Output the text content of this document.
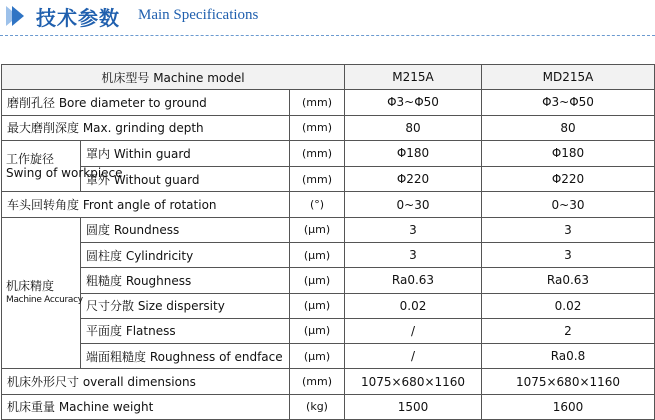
技术参数 Main Specifications
机床型号 Machine model			M215A	MD215A
磨削孔径 Bore diameter to ground		(mm)	Φ3~Φ50	Φ3~Φ50
最大磨削深度 Max. grinding depth		(mm)	80	80

工作旋径
Swing of workpiece	罩内 Within guard	(mm)	Φ180	Φ180
	罩外 Without guard	(mm)	Φ220	Φ220
车头回转角度 Front angle of rotation		(°)	0~30	0~30

机床精度
Machine Accuracy	圆度 Roundness	(μm)	3	3
	圆柱度 Cylindricity	(μm)	3	3
	粗糙度 Roughness	(μm)	Ra0.63	Ra0.63
	尺寸分散 Size dispersity	(μm)	0.02	0.02
	平面度 Flatness	(μm)	/	2
	端面粗糙度 Roughness of endface	(μm)	/	Ra0.8
机床外形尺寸 overall dimensions		(mm)	1075×680×1160	1075×680×1160
机床重量 Machine weight		(kg)	1500	1600
